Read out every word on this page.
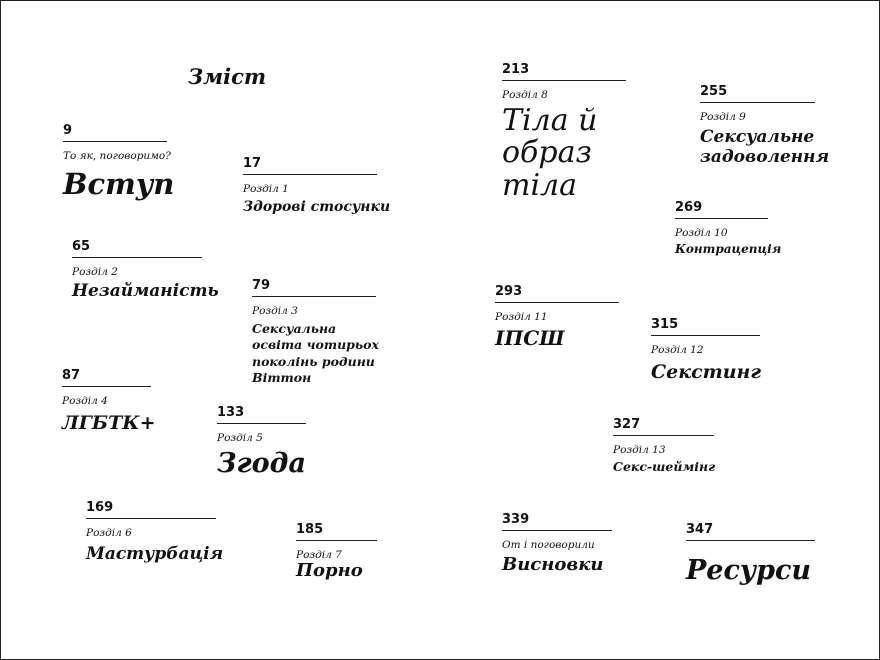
Зміст
9
То як, поговоримо?
Вступ
17
Розділ 1
Здорові стосунки
65
Розділ 2
Незайманість	79
Розділ 3
Сексуальна освіта чотирьох поколінь родини Віттон
87
Розділ 4
ЛГБТК+	133
Розділ 5
Згода
169
Розділ 6
Мастурбація
185
Розділ 7
Порно
213
Розділ 8
Тіла й образ тіла
255
Розділ 9
Сексуальне задоволення
269
Розділ 10
Контрацепція
293
Розділ 11
ІПСШ
315
Розділ 12
Секстинг
327
Розділ 13
Секс-шеймінг
339
От і поговорили
Висновки
347
Ресурси
